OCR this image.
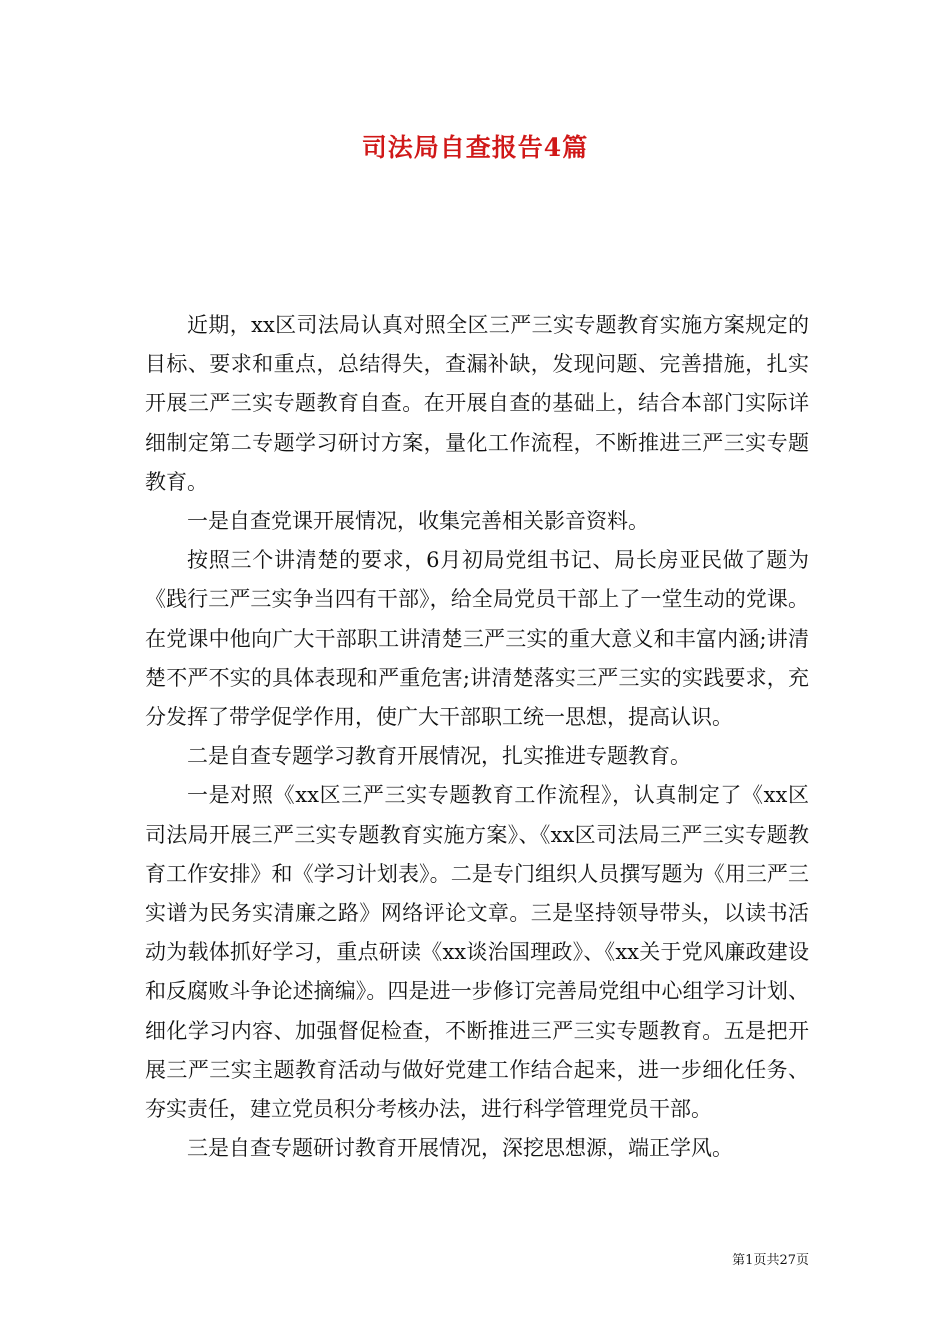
司法局自查报告4篇

近期，xx区司法局认真对照全区三严三实专题教育实施方案规定的目标、要求和重点，总结得失，查漏补缺，发现问题、完善措施，扎实开展三严三实专题教育自查。在开展自查的基础上，结合本部门实际详细制定第二专题学习研讨方案，量化工作流程，不断推进三严三实专题教育。

一是自查党课开展情况，收集完善相关影音资料。

按照三个讲清楚的要求，6月初局党组书记、局长房亚民做了题为《践行三严三实争当四有干部》，给全局党员干部上了一堂生动的党课。在党课中他向广大干部职工讲清楚三严三实的重大意义和丰富内涵;讲清楚不严不实的具体表现和严重危害;讲清楚落实三严三实的实践要求，充分发挥了带学促学作用，使广大干部职工统一思想，提高认识。

二是自查专题学习教育开展情况，扎实推进专题教育。

一是对照《xx区三严三实专题教育工作流程》，认真制定了《xx区司法局开展三严三实专题教育实施方案》、《xx区司法局三严三实专题教育工作安排》和《学习计划表》。二是专门组织人员撰写题为《用三严三实谱为民务实清廉之路》网络评论文章。三是坚持领导带头，以读书活动为载体抓好学习，重点研读《xx谈治国理政》、《xx关于党风廉政建设和反腐败斗争论述摘编》。四是进一步修订完善局党组中心组学习计划、细化学习内容、加强督促检查，不断推进三严三实专题教育。五是把开展三严三实主题教育活动与做好党建工作结合起来，进一步细化任务、夯实责任，建立党员积分考核办法，进行科学管理党员干部。

三是自查专题研讨教育开展情况，深挖思想源，端正学风。

第1页共27页
